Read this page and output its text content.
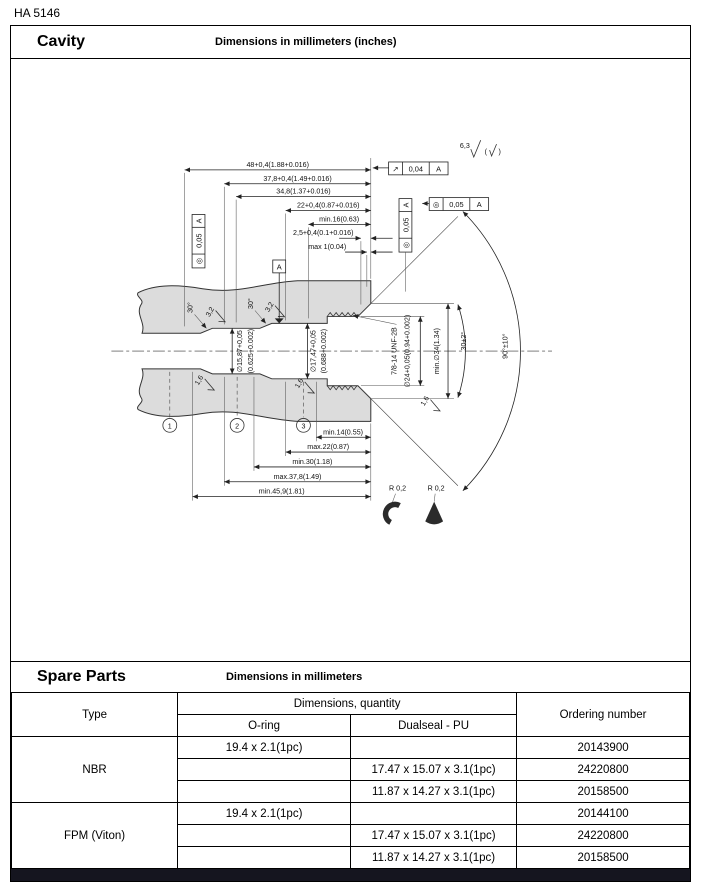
HA 5146
Cavity	Dimensions in millimeters (inches)
48+0,4(1.88+0.016)
37,8+0,4(1.49+0.016)
34,8(1.37+0.016)
22+0,4(0.87+0.016)
min.16(0.63)
2,5+0,4(0.1+0.016)
max 1(0.04)
min.14(0.55)
max.22(0.87)
min.30(1.18)
max.37,8(1.49)
min.45,9(1.81)
∅15,87+0,05 (0.625+0.002)	∅17,47+0,05 (0.688+0.002)	7/8-14 UNF-2B ∅24+0,05(0.94+0.002)	min.∅34(1.34)	30±2°	90°±10°
30°	30°
6,3
( )
3,2	3,2
1,6	1,6
1,6
↗ 0,04 A
◎
0,05
A
◎
0,05
A	◎ 0,05 A
A
1	2	3
R 0,2	R 0,2
Spare Parts	Dimensions in millimeters
Type	Dimensions, quantity		Ordering number
	O-ring	Dualseal - PU	
NBR	19.4 x 2.1(1pc)		20143900
		17.47 x 15.07 x 3.1(1pc)	24220800
		11.87 x 14.27 x 3.1(1pc)	20158500
FPM (Viton)	19.4 x 2.1(1pc)		20144100
		17.47 x 15.07 x 3.1(1pc)	24220800
		11.87 x 14.27 x 3.1(1pc)	20158500
